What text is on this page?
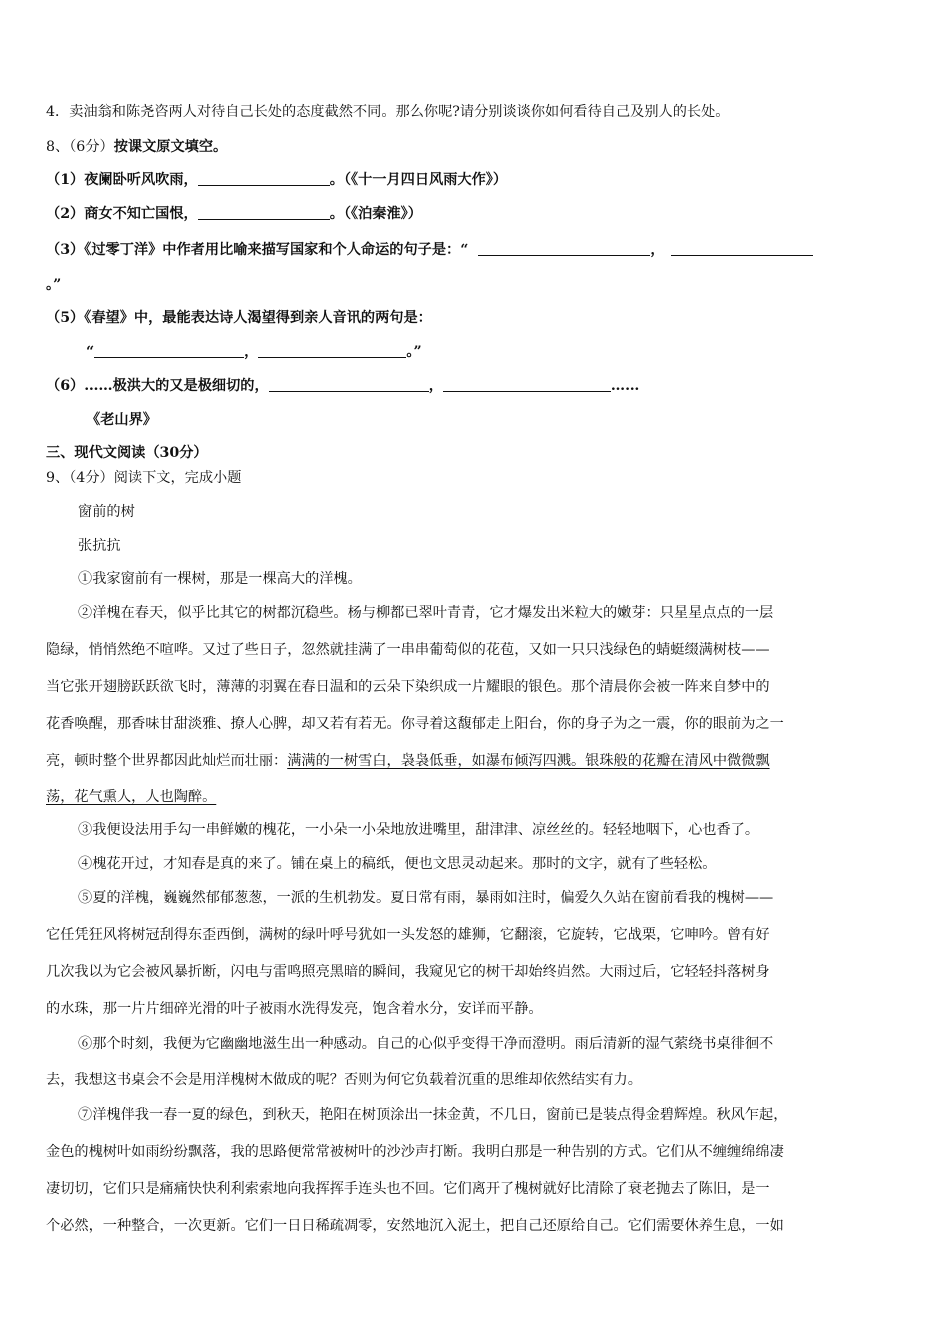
4．卖油翁和陈尧咨两人对待自己长处的态度截然不同。那么你呢?请分别谈谈你如何看待自己及别人的长处。
8、（6分）按课文原文填空。
（1）夜阑卧听风吹雨，	。（《十一月四日风雨大作》）
（2）商女不知亡国恨，	。（《泊秦淮》）
（3）《过零丁洋》中作者用比喻来描写国家和个人命运的句子是：“	，
。”
（5）《春望》中，最能表达诗人渴望得到亲人音讯的两句是：
“	，	。”
（6）……极洪大的又是极细切的，	，	……
《老山界》
三、现代文阅读（30分）
9、（4分）阅读下文，完成小题
窗前的树
张抗抗
①我家窗前有一棵树，那是一棵高大的洋槐。
②洋槐在春天，似乎比其它的树都沉稳些。杨与柳都已翠叶青青，它才爆发出米粒大的嫩芽：只星星点点的一层
隐绿，悄悄然绝不喧哗。又过了些日子，忽然就挂满了一串串葡萄似的花苞，又如一只只浅绿色的蜻蜓缀满树枝——
当它张开翅膀跃跃欲飞时，薄薄的羽翼在春日温和的云朵下染织成一片耀眼的银色。那个清晨你会被一阵来自梦中的
花香唤醒，那香味甘甜淡雅、撩人心脾，却又若有若无。你寻着这馥郁走上阳台，你的身子为之一震，你的眼前为之一
亮，顿时整个世界都因此灿烂而壮丽：满满的一树雪白，袅袅低垂，如瀑布倾泻四溅。银珠般的花瓣在清风中微微飘
荡，花气熏人，人也陶醉。
③我便设法用手勾一串鲜嫩的槐花，一小朵一小朵地放进嘴里，甜津津、凉丝丝的。轻轻地咽下，心也香了。
④槐花开过，才知春是真的来了。铺在桌上的稿纸，便也文思灵动起来。那时的文字，就有了些轻松。
⑤夏的洋槐，巍巍然郁郁葱葱，一派的生机勃发。夏日常有雨，暴雨如注时，偏爱久久站在窗前看我的槐树——
它任凭狂风将树冠刮得东歪西倒，满树的绿叶呼号犹如一头发怒的雄狮，它翻滚，它旋转，它战栗，它呻吟。曾有好
几次我以为它会被风暴折断，闪电与雷鸣照亮黑暗的瞬间，我窥见它的树干却始终岿然。大雨过后，它轻轻抖落树身
的水珠，那一片片细碎光滑的叶子被雨水洗得发亮，饱含着水分，安详而平静。
⑥那个时刻，我便为它幽幽地滋生出一种感动。自己的心似乎变得干净而澄明。雨后清新的湿气萦绕书桌徘徊不
去，我想这书桌会不会是用洋槐树木做成的呢？否则为何它负载着沉重的思维却依然结实有力。
⑦洋槐伴我一春一夏的绿色，到秋天，艳阳在树顶涂出一抹金黄，不几日，窗前已是装点得金碧辉煌。秋风乍起，
金色的槐树叶如雨纷纷飘落，我的思路便常常被树叶的沙沙声打断。我明白那是一种告别的方式。它们从不缠缠绵绵凄
凄切切，它们只是痛痛快快利利索索地向我挥挥手连头也不回。它们离开了槐树就好比清除了衰老抛去了陈旧，是一
个必然，一种整合，一次更新。它们一日日稀疏凋零，安然地沉入泥土，把自己还原给自己。它们需要休养生息，一如
